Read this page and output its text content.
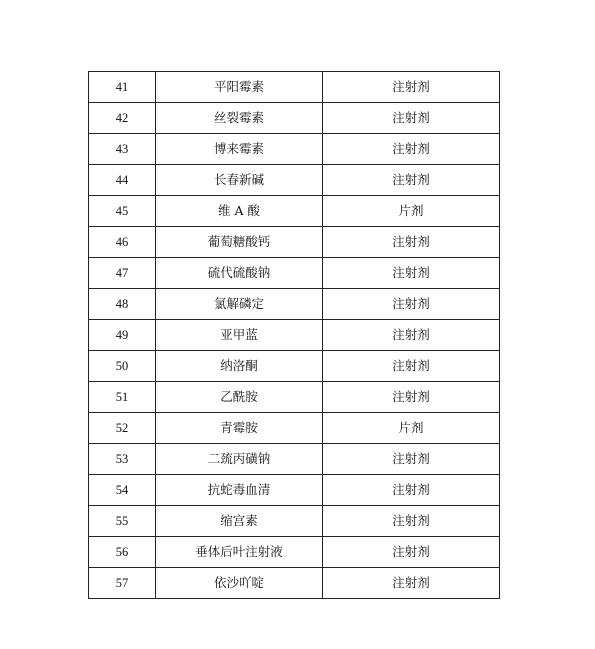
41	平阳霉素	注射剂
42	丝裂霉素	注射剂
43	博来霉素	注射剂
44	长春新碱	注射剂
45	维 A 酸	片剂
46	葡萄糖酸钙	注射剂
47	硫代硫酸钠	注射剂
48	氯解磷定	注射剂
49	亚甲蓝	注射剂
50	纳洛酮	注射剂
51	乙酰胺	注射剂
52	青霉胺	片剂
53	二巯丙磺钠	注射剂
54	抗蛇毒血清	注射剂
55	缩宫素	注射剂
56	垂体后叶注射液	注射剂
57	依沙吖啶	注射剂
